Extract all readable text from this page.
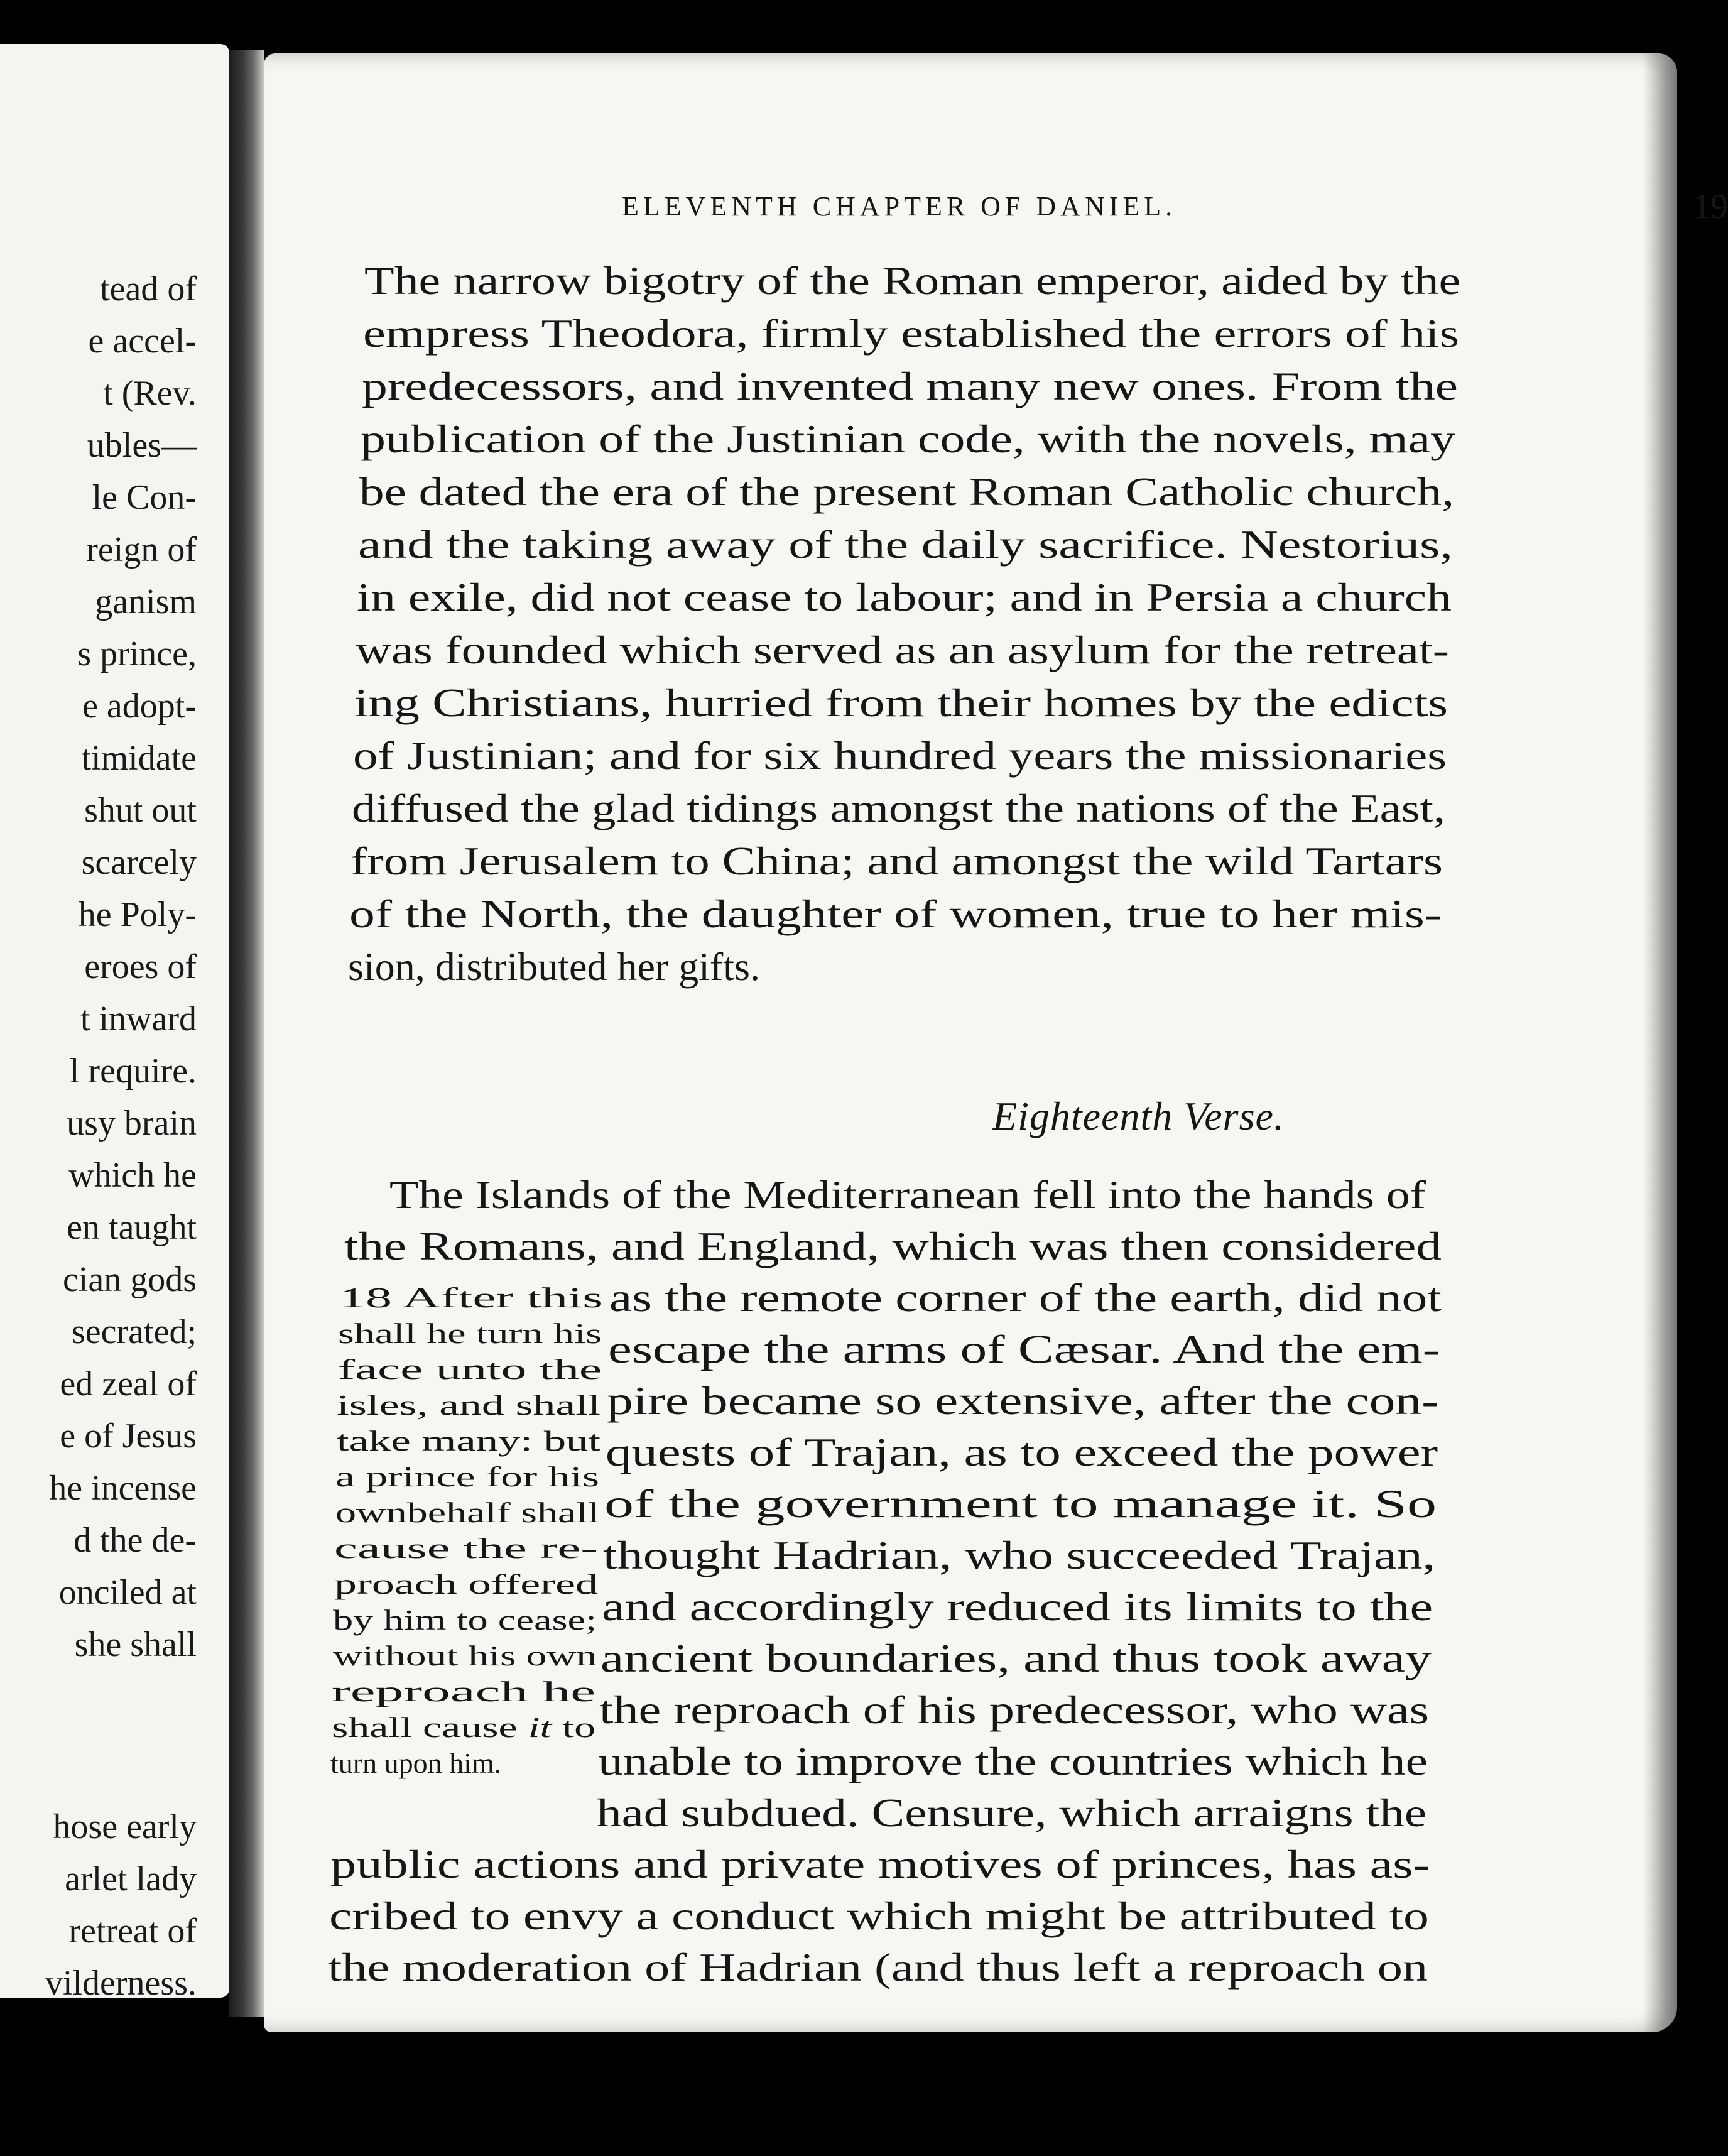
tead of
e accel-
t (Rev.
ubles—
le Con-
reign of
ganism
s prince,
e adopt-
timidate
shut out
scarcely
he Poly-
eroes of
t inward
l require.
usy brain
which he
en taught
cian gods
secrated;
ed zeal of
e of Jesus
he incense
d the de-
onciled at
she shall
hose early
arlet lady
retreat of
vilderness.
ELEVENTH CHAPTER OF DANIEL.	19
The narrow bigotry of the Roman emperor, aided by the
empress Theodora, firmly established the errors of his
predecessors, and invented many new ones. From the
publication of the Justinian code, with the novels, may
be dated the era of the present Roman Catholic church,
and the taking away of the daily sacrifice. Nestorius,
in exile, did not cease to labour; and in Persia a church
was founded which served as an asylum for the retreat-
ing Christians, hurried from their homes by the edicts
of Justinian; and for six hundred years the missionaries
diffused the glad tidings amongst the nations of the East,
from Jerusalem to China; and amongst the wild Tartars
of the North, the daughter of women, true to her mis-
sion, distributed her gifts.
Eighteenth Verse.
The Islands of the Mediterranean fell into the hands of
the Romans, and England, which was then considered
as the remote corner of the earth, did not
escape the arms of Cæsar. And the em-
pire became so extensive, after the con-
quests of Trajan, as to exceed the power
of the government to manage it. So
thought Hadrian, who succeeded Trajan,
and accordingly reduced its limits to the
ancient boundaries, and thus took away
the reproach of his predecessor, who was
unable to improve the countries which he
had subdued. Censure, which arraigns the
public actions and private motives of princes, has as-
cribed to envy a conduct which might be attributed to
the moderation of Hadrian (and thus left a reproach on
18 After this
shall he turn his
face unto the
isles, and shall
take many: but
a prince for his
ownbehalf shall
cause the re-
proach offered
by him to cease;
without his own
reproach he
shall cause it to
turn upon him.
